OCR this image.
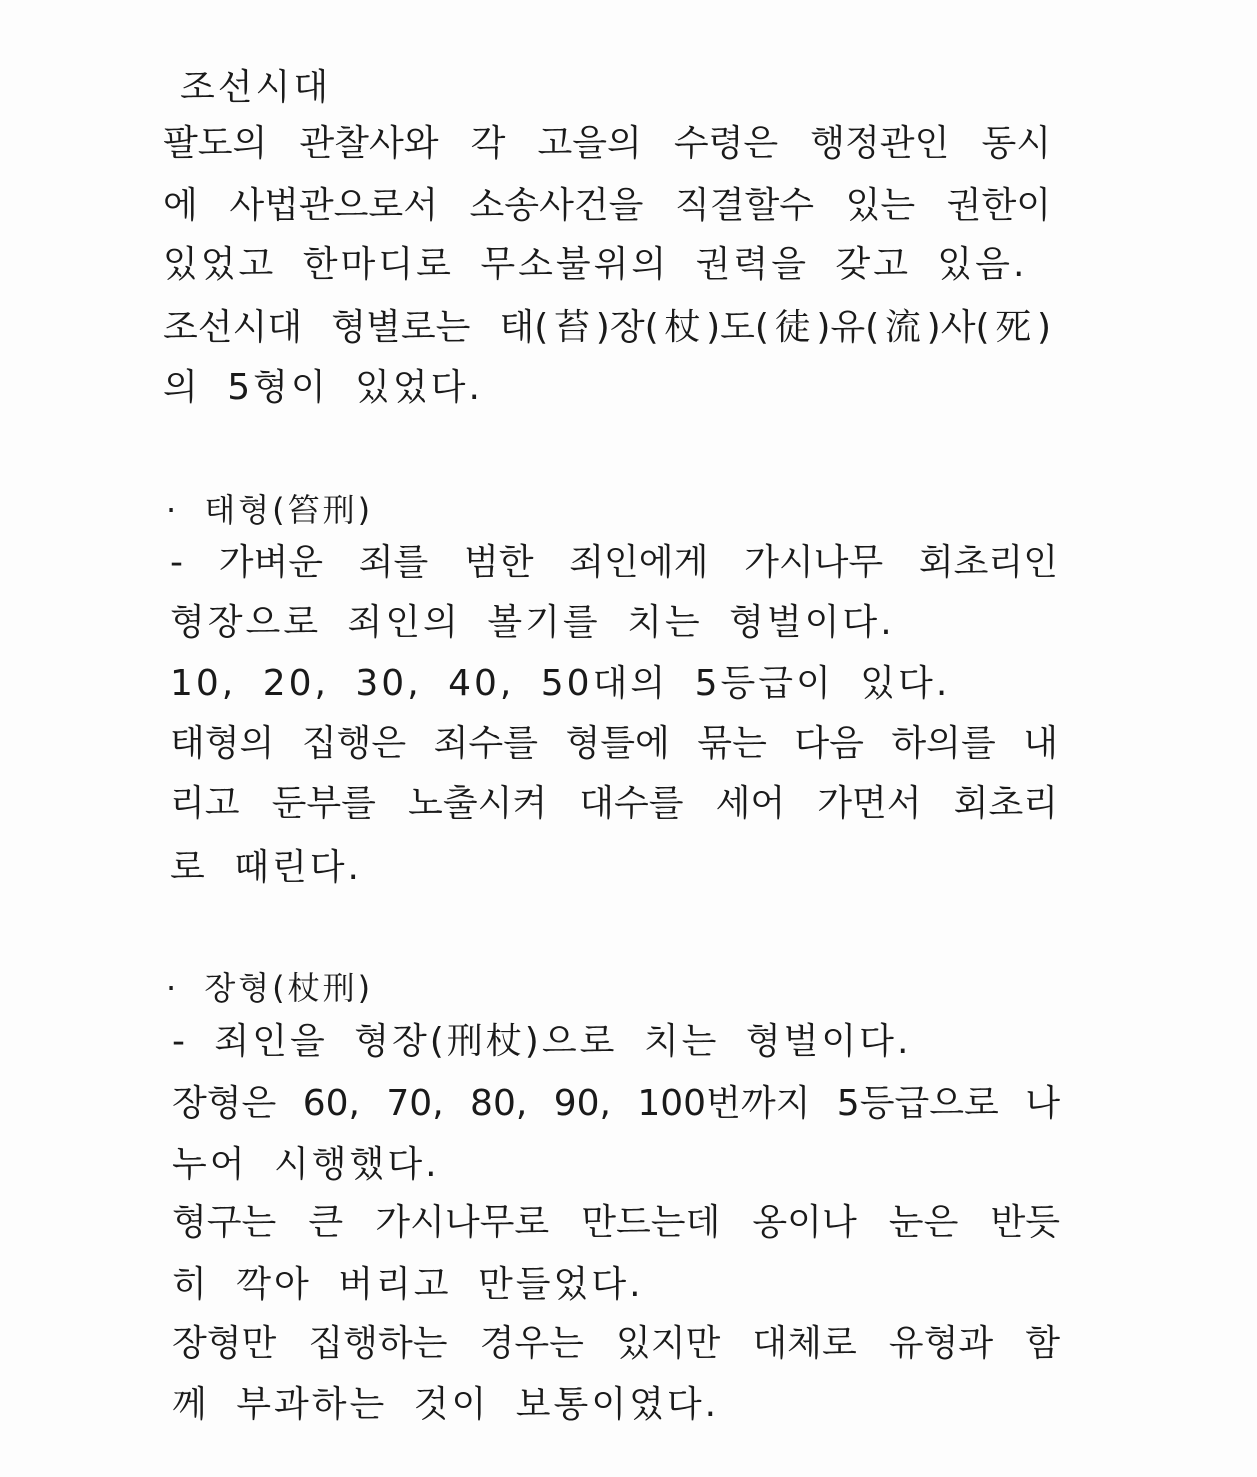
조선시대
팔도의 관찰사와 각 고을의 수령은 행정관인 동시
에 사법관으로서 소송사건을 직결할수 있는 권한이
있었고 한마디로 무소불위의 권력을 갖고 있음.
조선시대 형별로는 태(苔)장(杖)도(徒)유(流)사(死)
의 5형이 있었다.
· 태형(笞刑)
- 가벼운 죄를 범한 죄인에게 가시나무 회초리인
형장으로 죄인의 볼기를 치는 형벌이다.
10, 20, 30, 40, 50대의 5등급이 있다.
태형의 집행은 죄수를 형틀에 묶는 다음 하의를 내
리고 둔부를 노출시켜 대수를 세어 가면서 회초리
로 때린다.
· 장형(杖刑)
- 죄인을 형장(刑杖)으로 치는 형벌이다.
장형은 60, 70, 80, 90, 100번까지 5등급으로 나
누어 시행했다.
형구는 큰 가시나무로 만드는데 옹이나 눈은 반듯
히 깍아 버리고 만들었다.
장형만 집행하는 경우는 있지만 대체로 유형과 함
께 부과하는 것이 보통이였다.
